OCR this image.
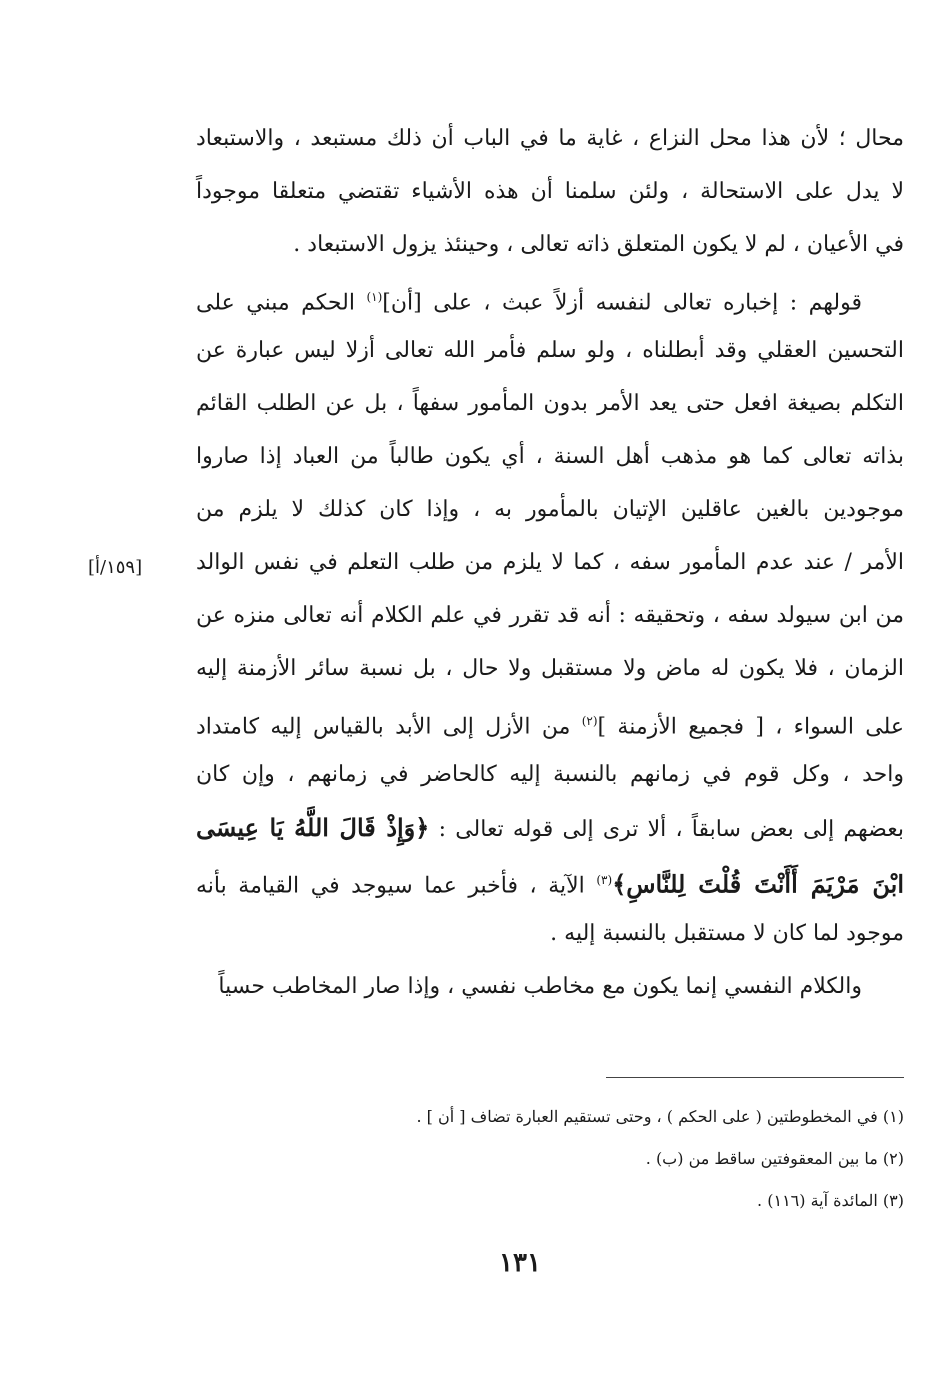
محال ؛ لأن هذا محل النزاع ، غاية ما في الباب أن ذلك مستبعد ، والاستبعاد
لا يدل على الاستحالة ، ولئن سلمنا أن هذه الأشياء تقتضي متعلقا موجوداً
في الأعيان ، لم لا يكون المتعلق ذاته تعالى ، وحينئذ يزول الاستبعاد .
قولهم : إخباره تعالى لنفسه أزلاً عبث ، على [أن]$^{(١)}$ الحكم مبني على
التحسين العقلي وقد أبطلناه ، ولو سلم فأمر الله تعالى أزلا ليس عبارة عن
التكلم بصيغة افعل حتى يعد الأمر بدون المأمور سفهاً ، بل عن الطلب القائم
بذاته تعالى كما هو مذهب أهل السنة ، أي يكون طالباً من العباد إذا صاروا
موجودين بالغين عاقلين الإتيان بالمأمور به ، وإذا كان كذلك لا يلزم من
الأمر / عند عدم المأمور سفه ، كما لا يلزم من طلب التعلم في نفس الوالد
من ابن سيولد سفه ، وتحقيقه : أنه قد تقرر في علم الكلام أنه تعالى منزه عن
الزمان ، فلا يكون له ماض ولا مستقبل ولا حال ، بل نسبة سائر الأزمنة إليه
على السواء ، [ فجميع الأزمنة ]$^{(٢)}$ من الأزل إلى الأبد بالقياس إليه كامتداد
واحد ، وكل قوم في زمانهم بالنسبة إليه كالحاضر في زمانهم ، وإن كان
بعضهم إلى بعض سابقاً ، ألا ترى إلى قوله تعالى : ﴿وَإِذْ قَالَ اللَّهُ يَا عِيسَى
ابْنَ مَرْيَمَ أَأَنْتَ قُلْتَ لِلنَّاسِ﴾$^{(٣)}$ الآية ، فأخبر عما سيوجد في القيامة بأنه
موجود لما كان لا مستقبل بالنسبة إليه .
والكلام النفسي إنما يكون مع مخاطب نفسي ، وإذا صار المخاطب حسياً
[١٥٩/أ]
(١) في المخطوطتين ( على الحكم ) ، وحتى تستقيم العبارة تضاف [ أن ] .
(٢) ما بين المعقوفتين ساقط من (ب) .
(٣) المائدة آية (١١٦) .
١٣١
